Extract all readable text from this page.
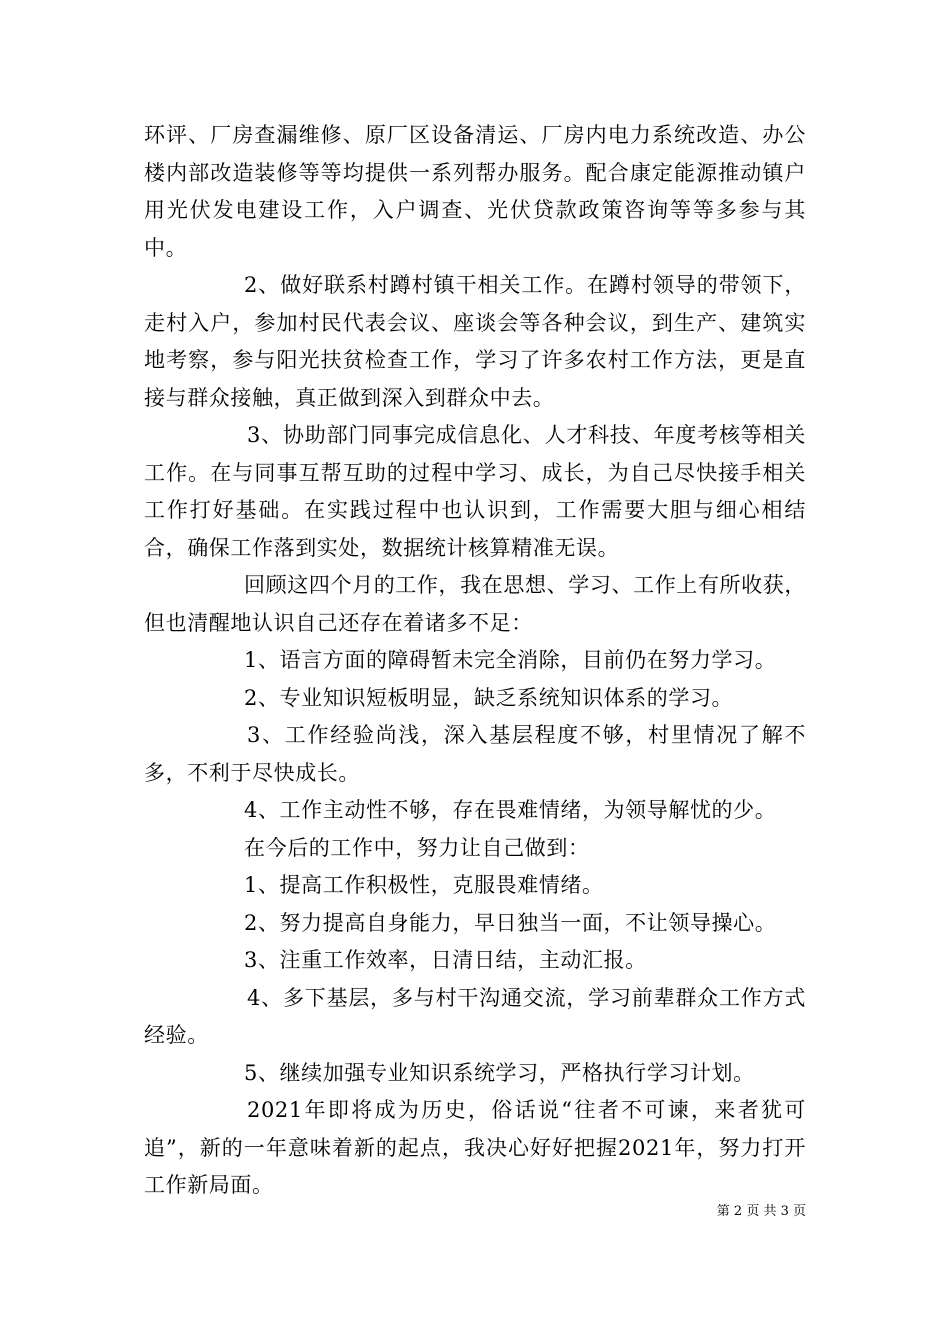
环评、厂房查漏维修、原厂区设备清运、厂房内电力系统改造、办公楼内部改造装修等等均提供一系列帮办服务。配合康定能源推动镇户用光伏发电建设工作，入户调查、光伏贷款政策咨询等等多参与其中。

2、做好联系村蹲村镇干相关工作。在蹲村领导的带领下，走村入户，参加村民代表会议、座谈会等各种会议，到生产、建筑实地考察，参与阳光扶贫检查工作，学习了许多农村工作方法，更是直接与群众接触，真正做到深入到群众中去。

3、协助部门同事完成信息化、人才科技、年度考核等相关工作。在与同事互帮互助的过程中学习、成长，为自己尽快接手相关工作打好基础。在实践过程中也认识到，工作需要大胆与细心相结合，确保工作落到实处，数据统计核算精准无误。

回顾这四个月的工作，我在思想、学习、工作上有所收获，但也清醒地认识自己还存在着诸多不足：

1、语言方面的障碍暂未完全消除，目前仍在努力学习。

2、专业知识短板明显，缺乏系统知识体系的学习。

3、工作经验尚浅，深入基层程度不够，村里情况了解不多，不利于尽快成长。

4、工作主动性不够，存在畏难情绪，为领导解忧的少。

在今后的工作中，努力让自己做到：

1、提高工作积极性，克服畏难情绪。

2、努力提高自身能力，早日独当一面，不让领导操心。

3、注重工作效率，日清日结，主动汇报。

4、多下基层，多与村干沟通交流，学习前辈群众工作方式经验。

5、继续加强专业知识系统学习，严格执行学习计划。

2021年即将成为历史，俗话说“往者不可谏，来者犹可追”，新的一年意味着新的起点，我决心好好把握2021年，努力打开工作新局面。

第 2 页 共 3 页
